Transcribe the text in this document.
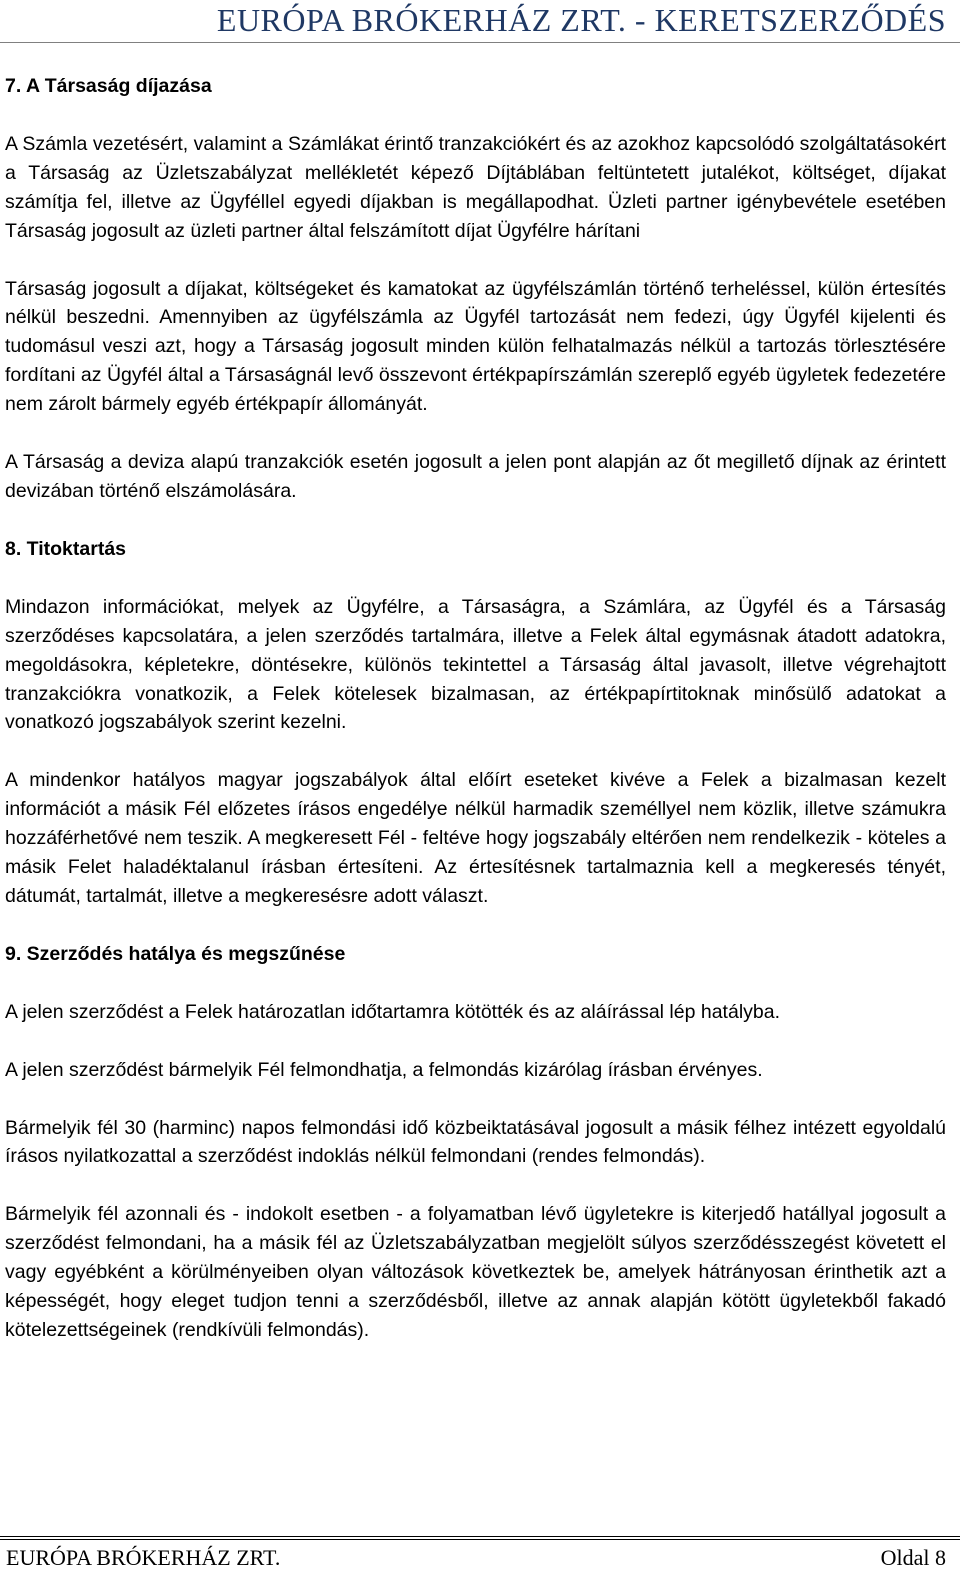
EURÓPA BRÓKERHÁZ ZRT. - KERETSZERZŐDÉS
7. A Társaság díjazása

A Számla vezetésért, valamint a Számlákat érintő tranzakciókért és az azokhoz kapcsolódó szolgáltatásokért a Társaság az Üzletszabályzat mellékletét képező Díjtáblában feltüntetett jutalékot, költséget, díjakat számítja fel, illetve az Ügyféllel egyedi díjakban is megállapodhat. Üzleti partner igénybevétele esetében Társaság jogosult az üzleti partner által felszámított díjat Ügyfélre hárítani

Társaság jogosult a díjakat, költségeket és kamatokat az ügyfélszámlán történő terheléssel, külön értesítés nélkül beszedni. Amennyiben az ügyfélszámla az Ügyfél tartozását nem fedezi, úgy Ügyfél kijelenti és tudomásul veszi azt, hogy a Társaság jogosult minden külön felhatalmazás nélkül a tartozás törlesztésére fordítani az Ügyfél által a Társaságnál levő összevont értékpapírszámlán szereplő egyéb ügyletek fedezetére nem zárolt bármely egyéb értékpapír állományát.

A Társaság a deviza alapú tranzakciók esetén jogosult a jelen pont alapján az őt megillető díjnak az érintett devizában történő elszámolására.

8. Titoktartás

Mindazon információkat, melyek az Ügyfélre, a Társaságra, a Számlára, az Ügyfél és a Társaság szerződéses kapcsolatára, a jelen szerződés tartalmára, illetve a Felek által egymásnak átadott adatokra, megoldásokra, képletekre, döntésekre, különös tekintettel a Társaság által javasolt, illetve végrehajtott tranzakciókra vonatkozik, a Felek kötelesek bizalmasan, az értékpapírtitoknak minősülő adatokat a vonatkozó jogszabályok szerint kezelni.

A mindenkor hatályos magyar jogszabályok által előírt eseteket kivéve a Felek a bizalmasan kezelt információt a másik Fél előzetes írásos engedélye nélkül harmadik személlyel nem közlik, illetve számukra hozzáférhetővé nem teszik. A megkeresett Fél - feltéve hogy jogszabály eltérően nem rendelkezik - köteles a másik Felet haladéktalanul írásban értesíteni. Az értesítésnek tartalmaznia kell a megkeresés tényét, dátumát, tartalmát, illetve a megkeresésre adott választ.

9. Szerződés hatálya és megszűnése

A jelen szerződést a Felek határozatlan időtartamra kötötték és az aláírással lép hatályba.

A jelen szerződést bármelyik Fél felmondhatja, a felmondás kizárólag írásban érvényes.

Bármelyik fél 30 (harminc) napos felmondási idő közbeiktatásával jogosult a másik félhez intézett egyoldalú írásos nyilatkozattal a szerződést indoklás nélkül felmondani (rendes felmondás).

Bármelyik fél azonnali és - indokolt esetben - a folyamatban lévő ügyletekre is kiterjedő hatállyal jogosult a szerződést felmondani, ha a másik fél az Üzletszabályzatban megjelölt súlyos szerződésszegést követett el vagy egyébként a körülményeiben olyan változások következtek be, amelyek hátrányosan érinthetik azt a képességét, hogy eleget tudjon tenni a szerződésből, illetve az annak alapján kötött ügyletekből fakadó kötelezettségeinek (rendkívüli felmondás).

EURÓPA BRÓKERHÁZ ZRT.	Oldal 8
